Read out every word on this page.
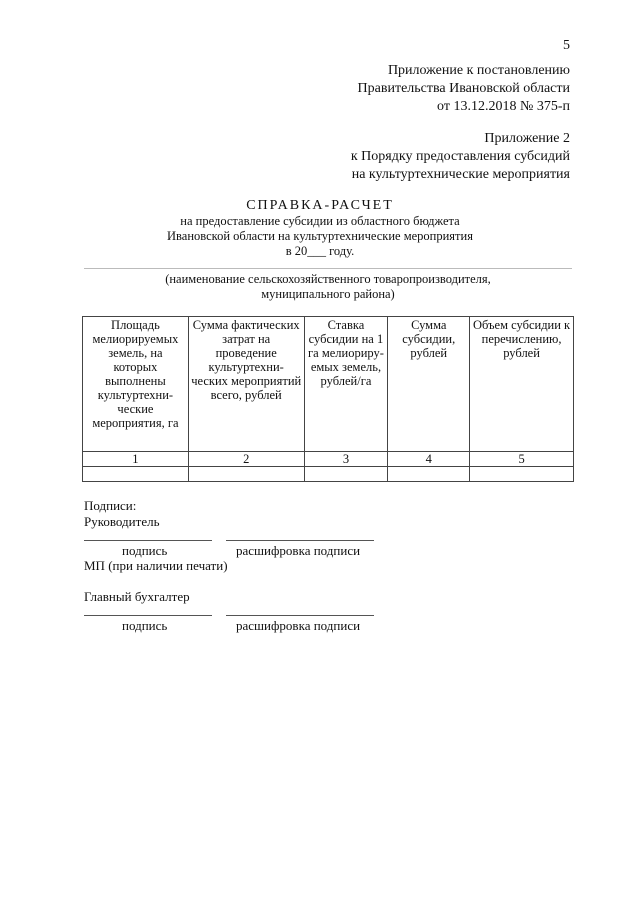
5
Приложение к постановлению
Правительства Ивановской области
от 13.12.2018 № 375-п
Приложение 2
к Порядку предоставления субсидий
на культуртехнические мероприятия
СПРАВКА-РАСЧЕТ
на предоставление субсидии из областного бюджета
Ивановской области на культуртехнические мероприятия
в 20___ году.
(наименование сельскохозяйственного товаропроизводителя,
муниципального района)
Площадь мелиорируемых земель, на которых выполнены культуртехни-ческие мероприятия, га	Сумма фактических затрат на проведение культуртехни-ческих мероприятий всего, рублей	Ставка субсидии на 1 га мелиориру-емых земель, рублей/га	Сумма субсидии, рублей	Объем субсидии к перечислению, рублей
1	2	3	4	5

Подписи:
Руководитель
подпись	расшифровка подписи
МП (при наличии печати)
Главный бухгалтер
подпись	расшифровка подписи
